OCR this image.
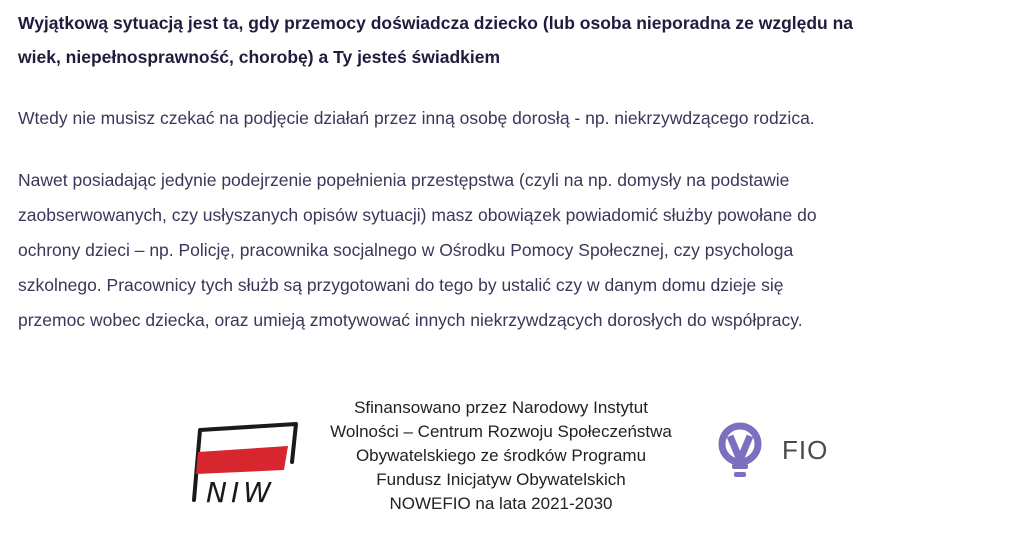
Wyjątkową sytuacją jest ta, gdy przemocy doświadcza dziecko (lub osoba nieporadna ze względu na
wiek, niepełnosprawność, chorobę) a Ty jesteś świadkiem

Wtedy nie musisz czekać na podjęcie działań przez inną osobę dorosłą - np. niekrzywdzącego rodzica.

Nawet posiadając jedynie podejrzenie popełnienia przestępstwa (czyli na np. domysły na podstawie
zaobserwowanych, czy usłyszanych opisów sytuacji) masz obowiązek powiadomić służby powołane do
ochrony dzieci – np. Policję, pracownika socjalnego w Ośrodku Pomocy Społecznej, czy psychologa
szkolnego. Pracownicy tych służb są przygotowani do tego by ustalić czy w danym domu dzieje się
przemoc wobec dziecka, oraz umieją zmotywować innych niekrzywdzących dorosłych do współpracy.

NIW
Sfinansowano przez Narodowy Instytut
Wolności – Centrum Rozwoju Społeczeństwa
Obywatelskiego ze środków Programu
Fundusz Inicjatyw Obywatelskich
NOWEFIO na lata 2021-2030
FIO
